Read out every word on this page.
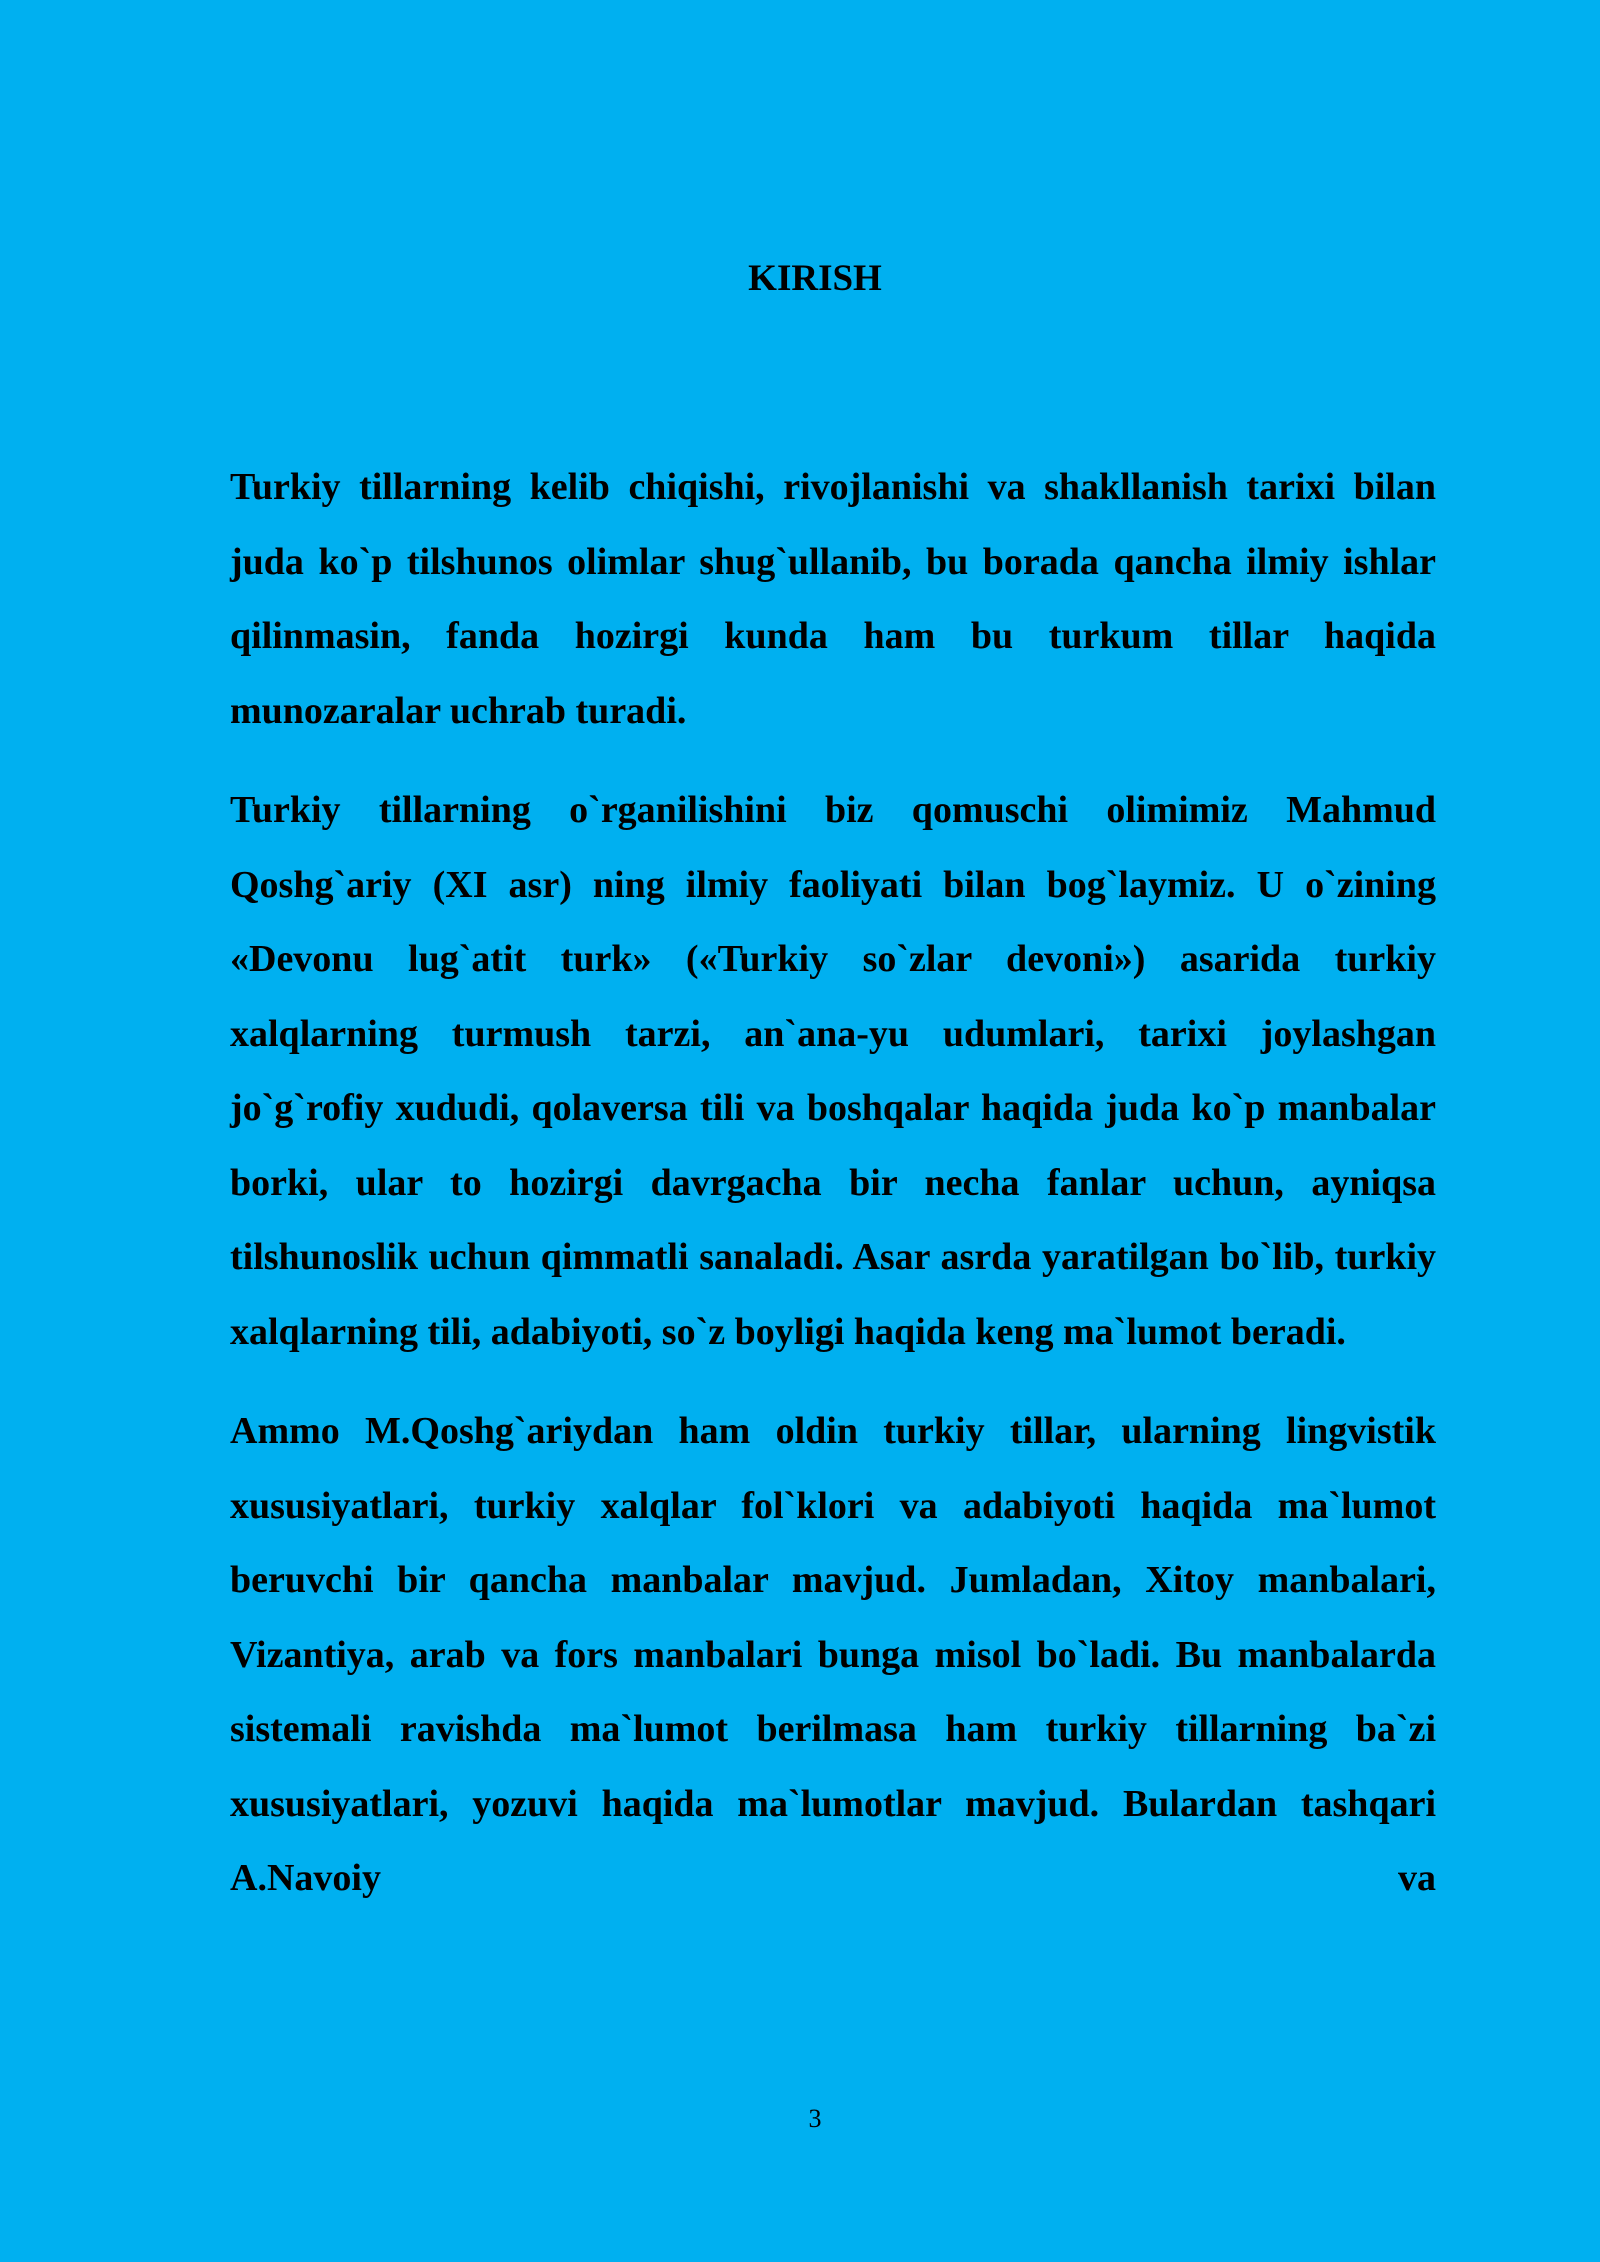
KIRISH

Turkiy tillarning kelib chiqishi, rivojlanishi va shakllanish tarixi bilan juda ko`p tilshunos olimlar shug`ullanib, bu borada qancha ilmiy ishlar qilinmasin, fanda hozirgi kunda ham bu turkum tillar haqida munozaralar uchrab turadi.

Turkiy tillarning o`rganilishini biz qomuschi olimimiz Mahmud Qoshg`ariy (XI asr) ning ilmiy faoliyati bilan bog`laymiz. U o`zining «Devonu lug`atit turk» («Turkiy so`zlar devoni») asarida turkiy xalqlarning turmush tarzi, an`ana-yu udumlari, tarixi joylashgan jo`g`rofiy xududi, qolaversa tili va boshqalar haqida juda ko`p manbalar borki, ular to hozirgi davrgacha bir necha fanlar uchun, ayniqsa tilshunoslik uchun qimmatli sanaladi. Asar asrda yaratilgan bo`lib, turkiy xalqlarning tili, adabiyoti, so`z boyligi haqida keng ma`lumot beradi.

Ammo M.Qoshg`ariydan ham oldin turkiy tillar, ularning lingvistik xususiyatlari, turkiy xalqlar fol`klori va adabiyoti haqida ma`lumot beruvchi bir qancha manbalar mavjud. Jumladan, Xitoy manbalari, Vizantiya, arab va fors manbalari bunga misol bo`ladi. Bu manbalarda sistemali ravishda ma`lumot berilmasa ham turkiy tillarning ba`zi xususiyatlari, yozuvi haqida ma`lumotlar mavjud. Bulardan tashqari A.Navoiy va

3
